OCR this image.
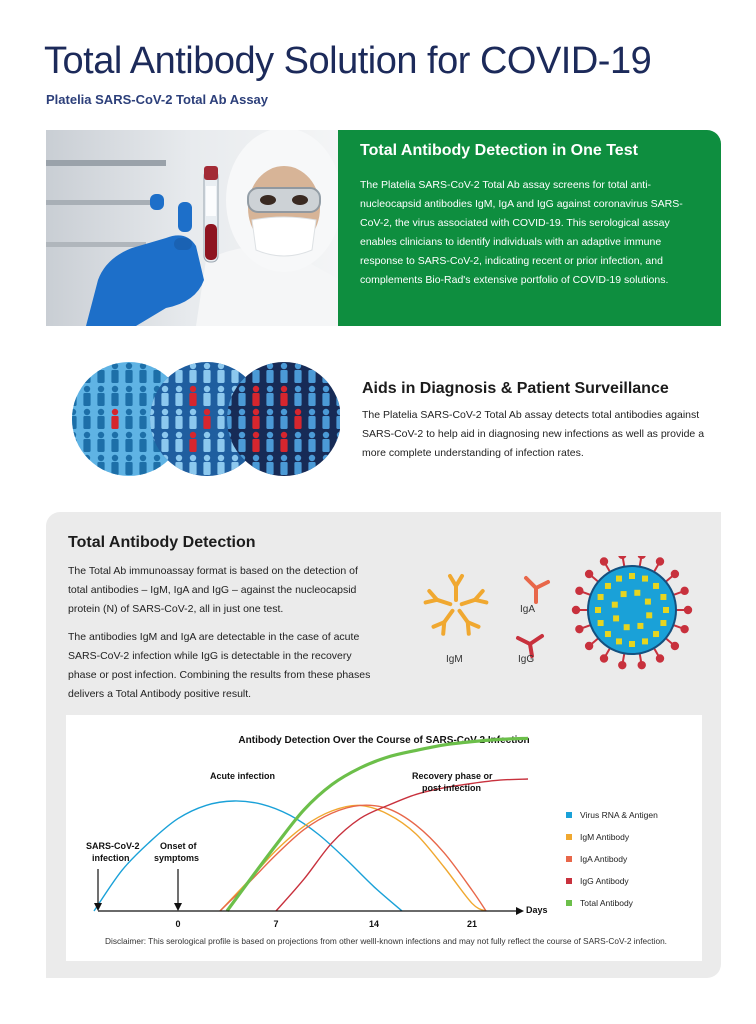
Total Antibody Solution for COVID-19
Platelia SARS-CoV-2 Total Ab Assay
Total Antibody Detection in One Test

The Platelia SARS-CoV-2 Total Ab assay screens for total anti-nucleocapsid antibodies IgM, IgA and IgG against coronavirus SARS-CoV-2, the virus associated with COVID-19. This serological assay enables clinicians to identify individuals with an adaptive immune response to SARS-CoV-2, indicating recent or prior infection, and complements Bio-Rad's extensive portfolio of COVID-19 solutions.

Aids in Diagnosis & Patient Surveillance

The Platelia SARS-CoV-2 Total Ab assay detects total antibodies against SARS-CoV-2 to help aid in diagnosing new infections as well as provide a more complete understanding of infection rates.

Total Antibody Detection

The Total Ab immunoassay format is based on the detection of total antibodies – IgM, IgA and IgG – against the nucleocapsid protein (N) of SARS-CoV-2, all in just one test.

The antibodies IgM and IgA are detectable in the case of acute SARS-CoV-2 infection while IgG is detectable in the recovery phase or post infection. Combining the results from these phases delivers a Total Antibody positive result.

IgM
IgA
IgG
Antibody Detection Over the Course of SARS-CoV-2 Infection
Days
0	7	14	21
SARS-CoV-2
infection
Onset of
symptoms
Acute infection	Recovery phase or
post infection
Virus RNA & Antigen
IgM Antibody
IgA Antibody
IgG Antibody
Total Antibody
Disclaimer: This serological profile is based on projections from other welll-known infections and may not fully reflect the course of SARS-CoV-2 infection.
